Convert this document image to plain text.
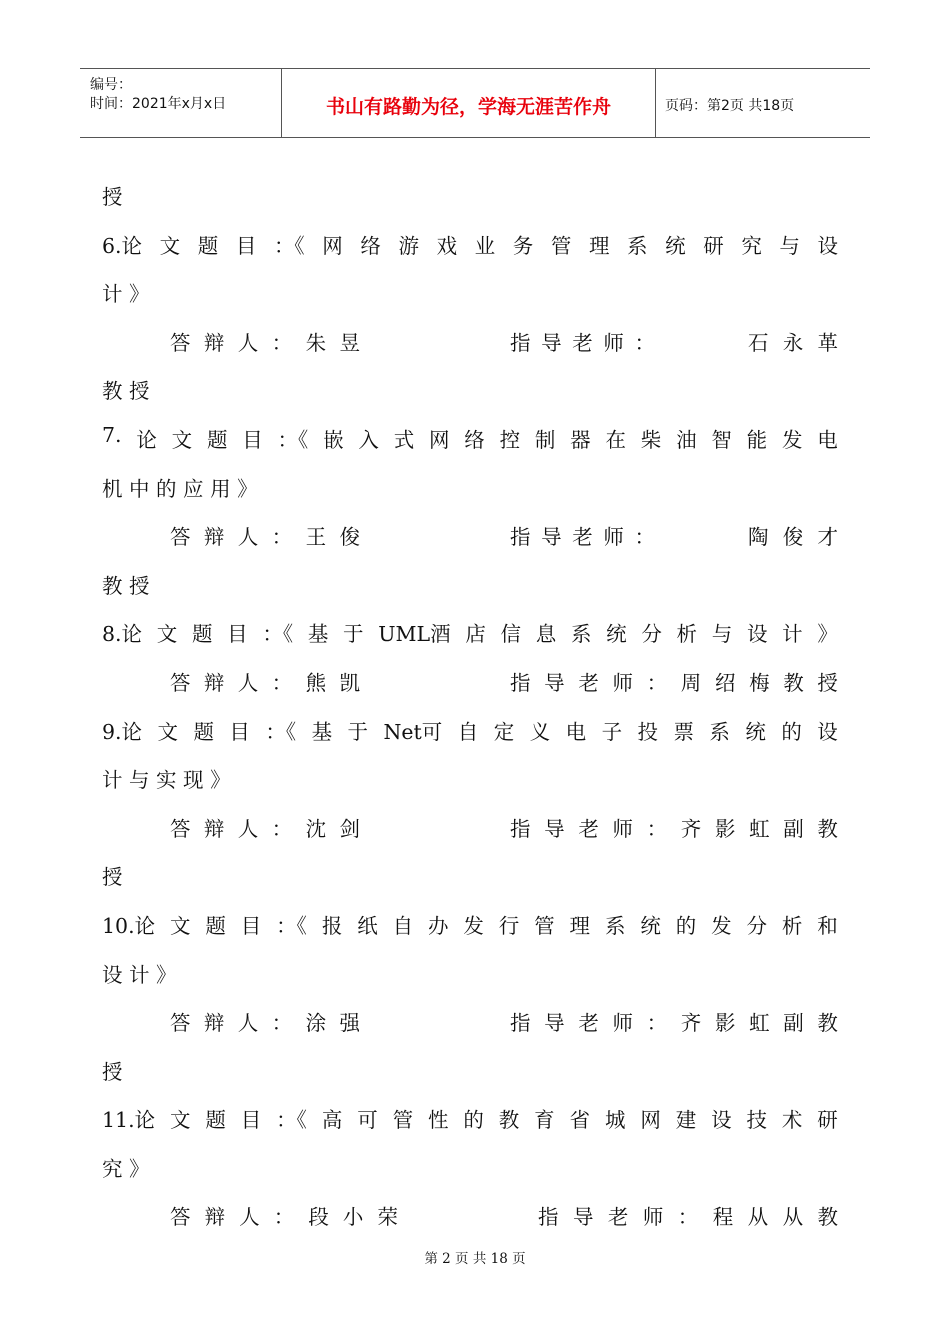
编号：
时间：2021年x月x日	书山有路勤为径，学海无涯苦作舟	页码：第2页 共18页
授
6.论 文 题 目 ：《 网 络 游 戏 业 务 管 理 系 统 研 究 与 设
计 》
答 辩 人 ： 朱 昱	指 导 老 师 ：	石 永 革
教 授
7. 论 文 题 目 ：《 嵌 入 式 网 络 控 制 器 在 柴 油 智 能 发 电
机 中 的 应 用 》
答 辩 人 ： 王 俊	指 导 老 师 ：	陶 俊 才
教 授
8.论 文 题 目 ：《 基 于 UML酒 店 信 息 系 统 分 析 与 设 计 》
答 辩 人 ： 熊 凯	指 导 老 师 ： 周 绍 梅 教 授
9.论 文 题 目 ：《 基 于 Net可 自 定 义 电 子 投 票 系 统 的 设
计 与 实 现 》
答 辩 人 ： 沈 剑	指 导 老 师 ： 齐 影 虹 副 教
授
10.论 文 题 目 ：《 报 纸 自 办 发 行 管 理 系 统 的 发 分 析 和
设 计 》
答 辩 人 ： 涂 强	指 导 老 师 ： 齐 影 虹 副 教
授
11.论 文 题 目 ：《 高 可 管 性 的 教 育 省 城 网 建 设 技 术 研
究 》
答 辩 人 ： 段 小 荣	指 导 老 师 ： 程 从 从 教
第 2 页 共 18 页
